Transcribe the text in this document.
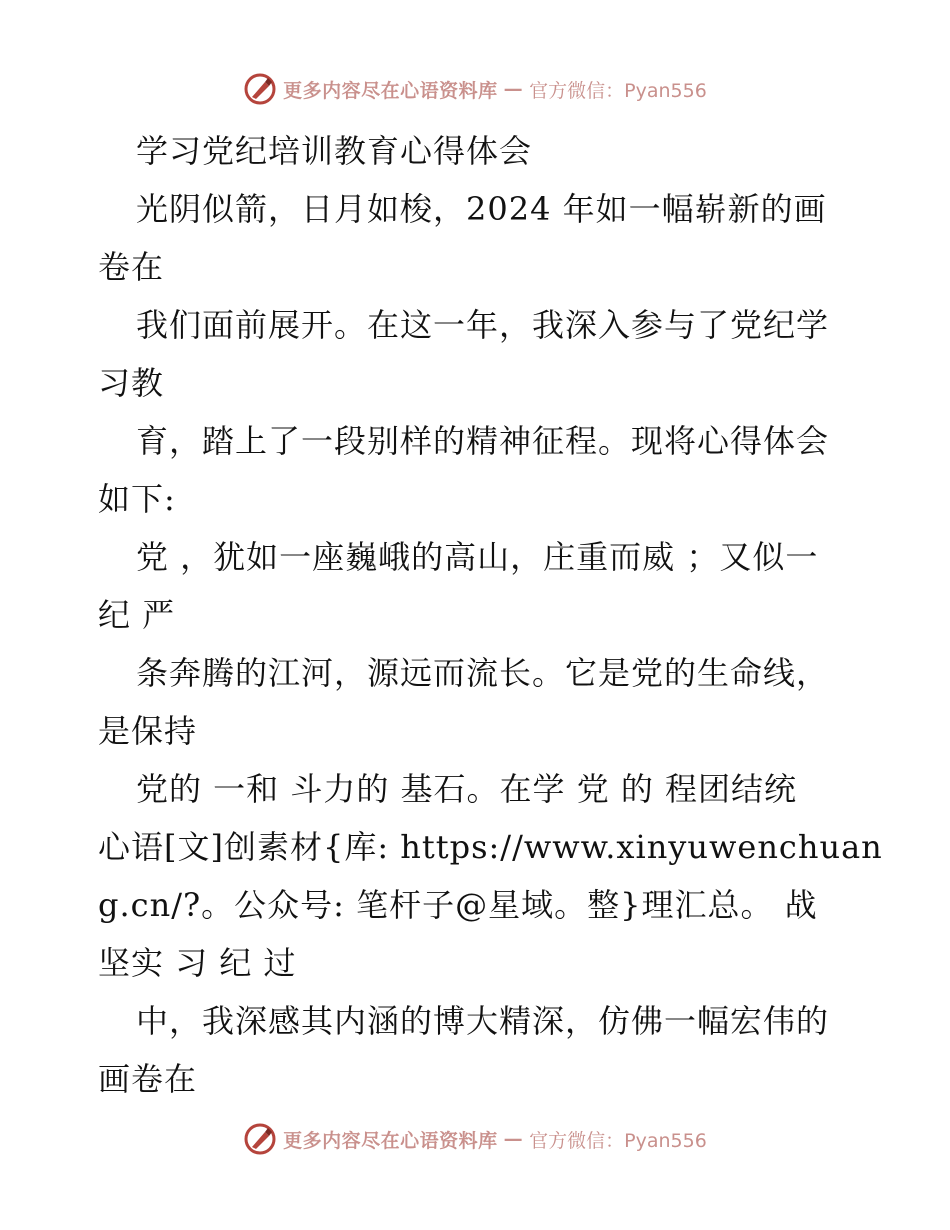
更多内容尽在心语资料库 — 官方微信：Pyan556
学习党纪培训教育心得体会
光阴似箭，日月如梭，2024 年如一幅崭新的画
卷在
我们面前展开。在这一年，我深入参与了党纪学
习教
育，踏上了一段别样的精神征程。现将心得体会
如下:
党 ，犹如一座巍峨的高山，庄重而威 ；又似一
纪 严
条奔腾的江河，源远而流长。它是党的生命线，
是保持
党的 一和 斗力的 基石。在学 党 的 程团结统
心语[文]创素材{库: https://www.xinyuwenchuan
g.cn/?。公众号: 笔杆子@星域。整}理汇总。 战
坚实 习 纪 过
中，我深感其内涵的博大精深，仿佛一幅宏伟的
画卷在
更多内容尽在心语资料库 — 官方微信：Pyan556
